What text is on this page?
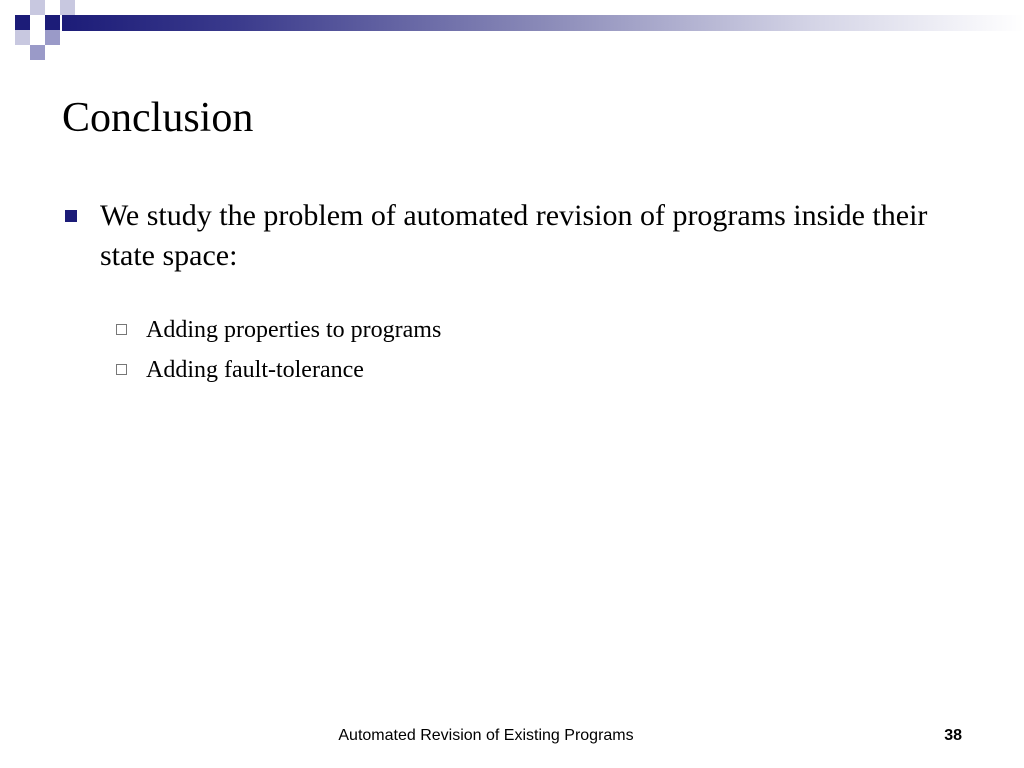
Conclusion
We study the problem of automated revision of programs inside their state space:
Adding properties to programs
Adding fault-tolerance
Automated Revision of Existing Programs	38
